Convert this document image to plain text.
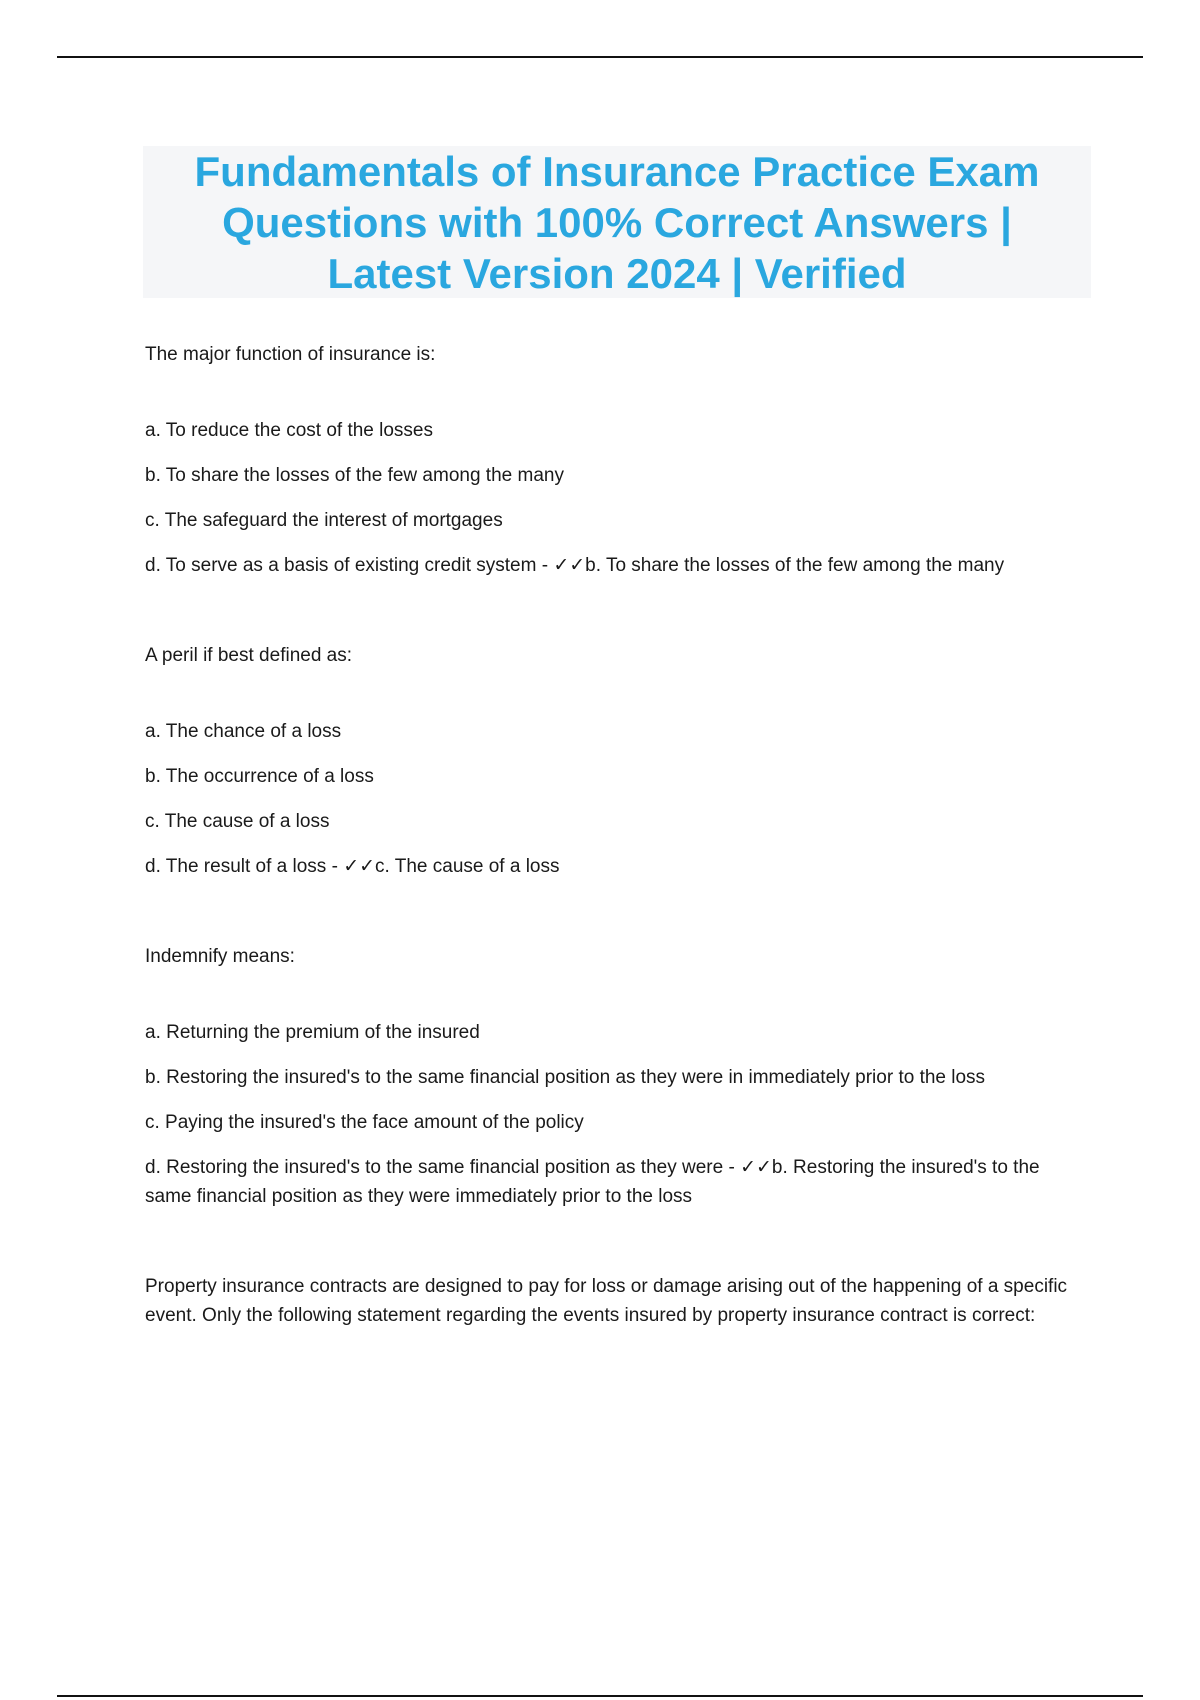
Fundamentals of Insurance Practice Exam
Questions with 100% Correct Answers |
Latest Version 2024 | Verified

The major function of insurance is:

a. To reduce the cost of the losses
b. To share the losses of the few among the many
c. The safeguard the interest of mortgages
d. To serve as a basis of existing credit system - ✓✓b. To share the losses of the few among the many

A peril if best defined as:

a. The chance of a loss
b. The occurrence of a loss
c. The cause of a loss
d. The result of a loss - ✓✓c. The cause of a loss

Indemnify means:

a. Returning the premium of the insured
b. Restoring the insured's to the same financial position as they were in immediately prior to the loss
c. Paying the insured's the face amount of the policy
d. Restoring the insured's to the same financial position as they were - ✓✓b. Restoring the insured's to the same financial position as they were immediately prior to the loss

Property insurance contracts are designed to pay for loss or damage arising out of the happening of a specific event. Only the following statement regarding the events insured by property insurance contract is correct:
